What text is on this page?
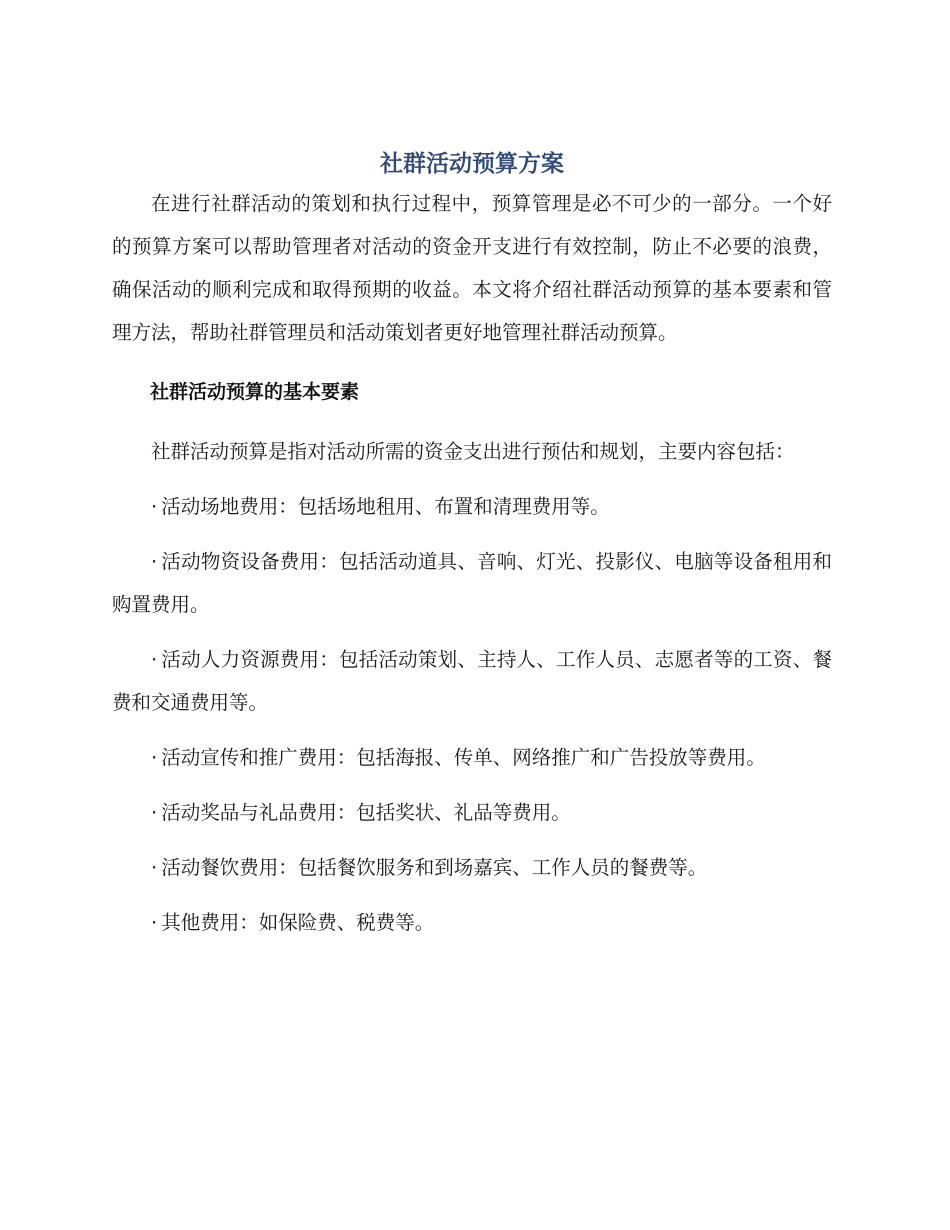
社群活动预算方案

在进行社群活动的策划和执行过程中，预算管理是必不可少的一部分。一个好的预算方案可以帮助管理者对活动的资金开支进行有效控制，防止不必要的浪费，确保活动的顺利完成和取得预期的收益。本文将介绍社群活动预算的基本要素和管理方法，帮助社群管理员和活动策划者更好地管理社群活动预算。

社群活动预算的基本要素

社群活动预算是指对活动所需的资金支出进行预估和规划，主要内容包括：

· 活动场地费用：包括场地租用、布置和清理费用等。
· 活动物资设备费用：包括活动道具、音响、灯光、投影仪、电脑等设备租用和购置费用。
· 活动人力资源费用：包括活动策划、主持人、工作人员、志愿者等的工资、餐费和交通费用等。
· 活动宣传和推广费用：包括海报、传单、网络推广和广告投放等费用。
· 活动奖品与礼品费用：包括奖状、礼品等费用。
· 活动餐饮费用：包括餐饮服务和到场嘉宾、工作人员的餐费等。
· 其他费用：如保险费、税费等。
